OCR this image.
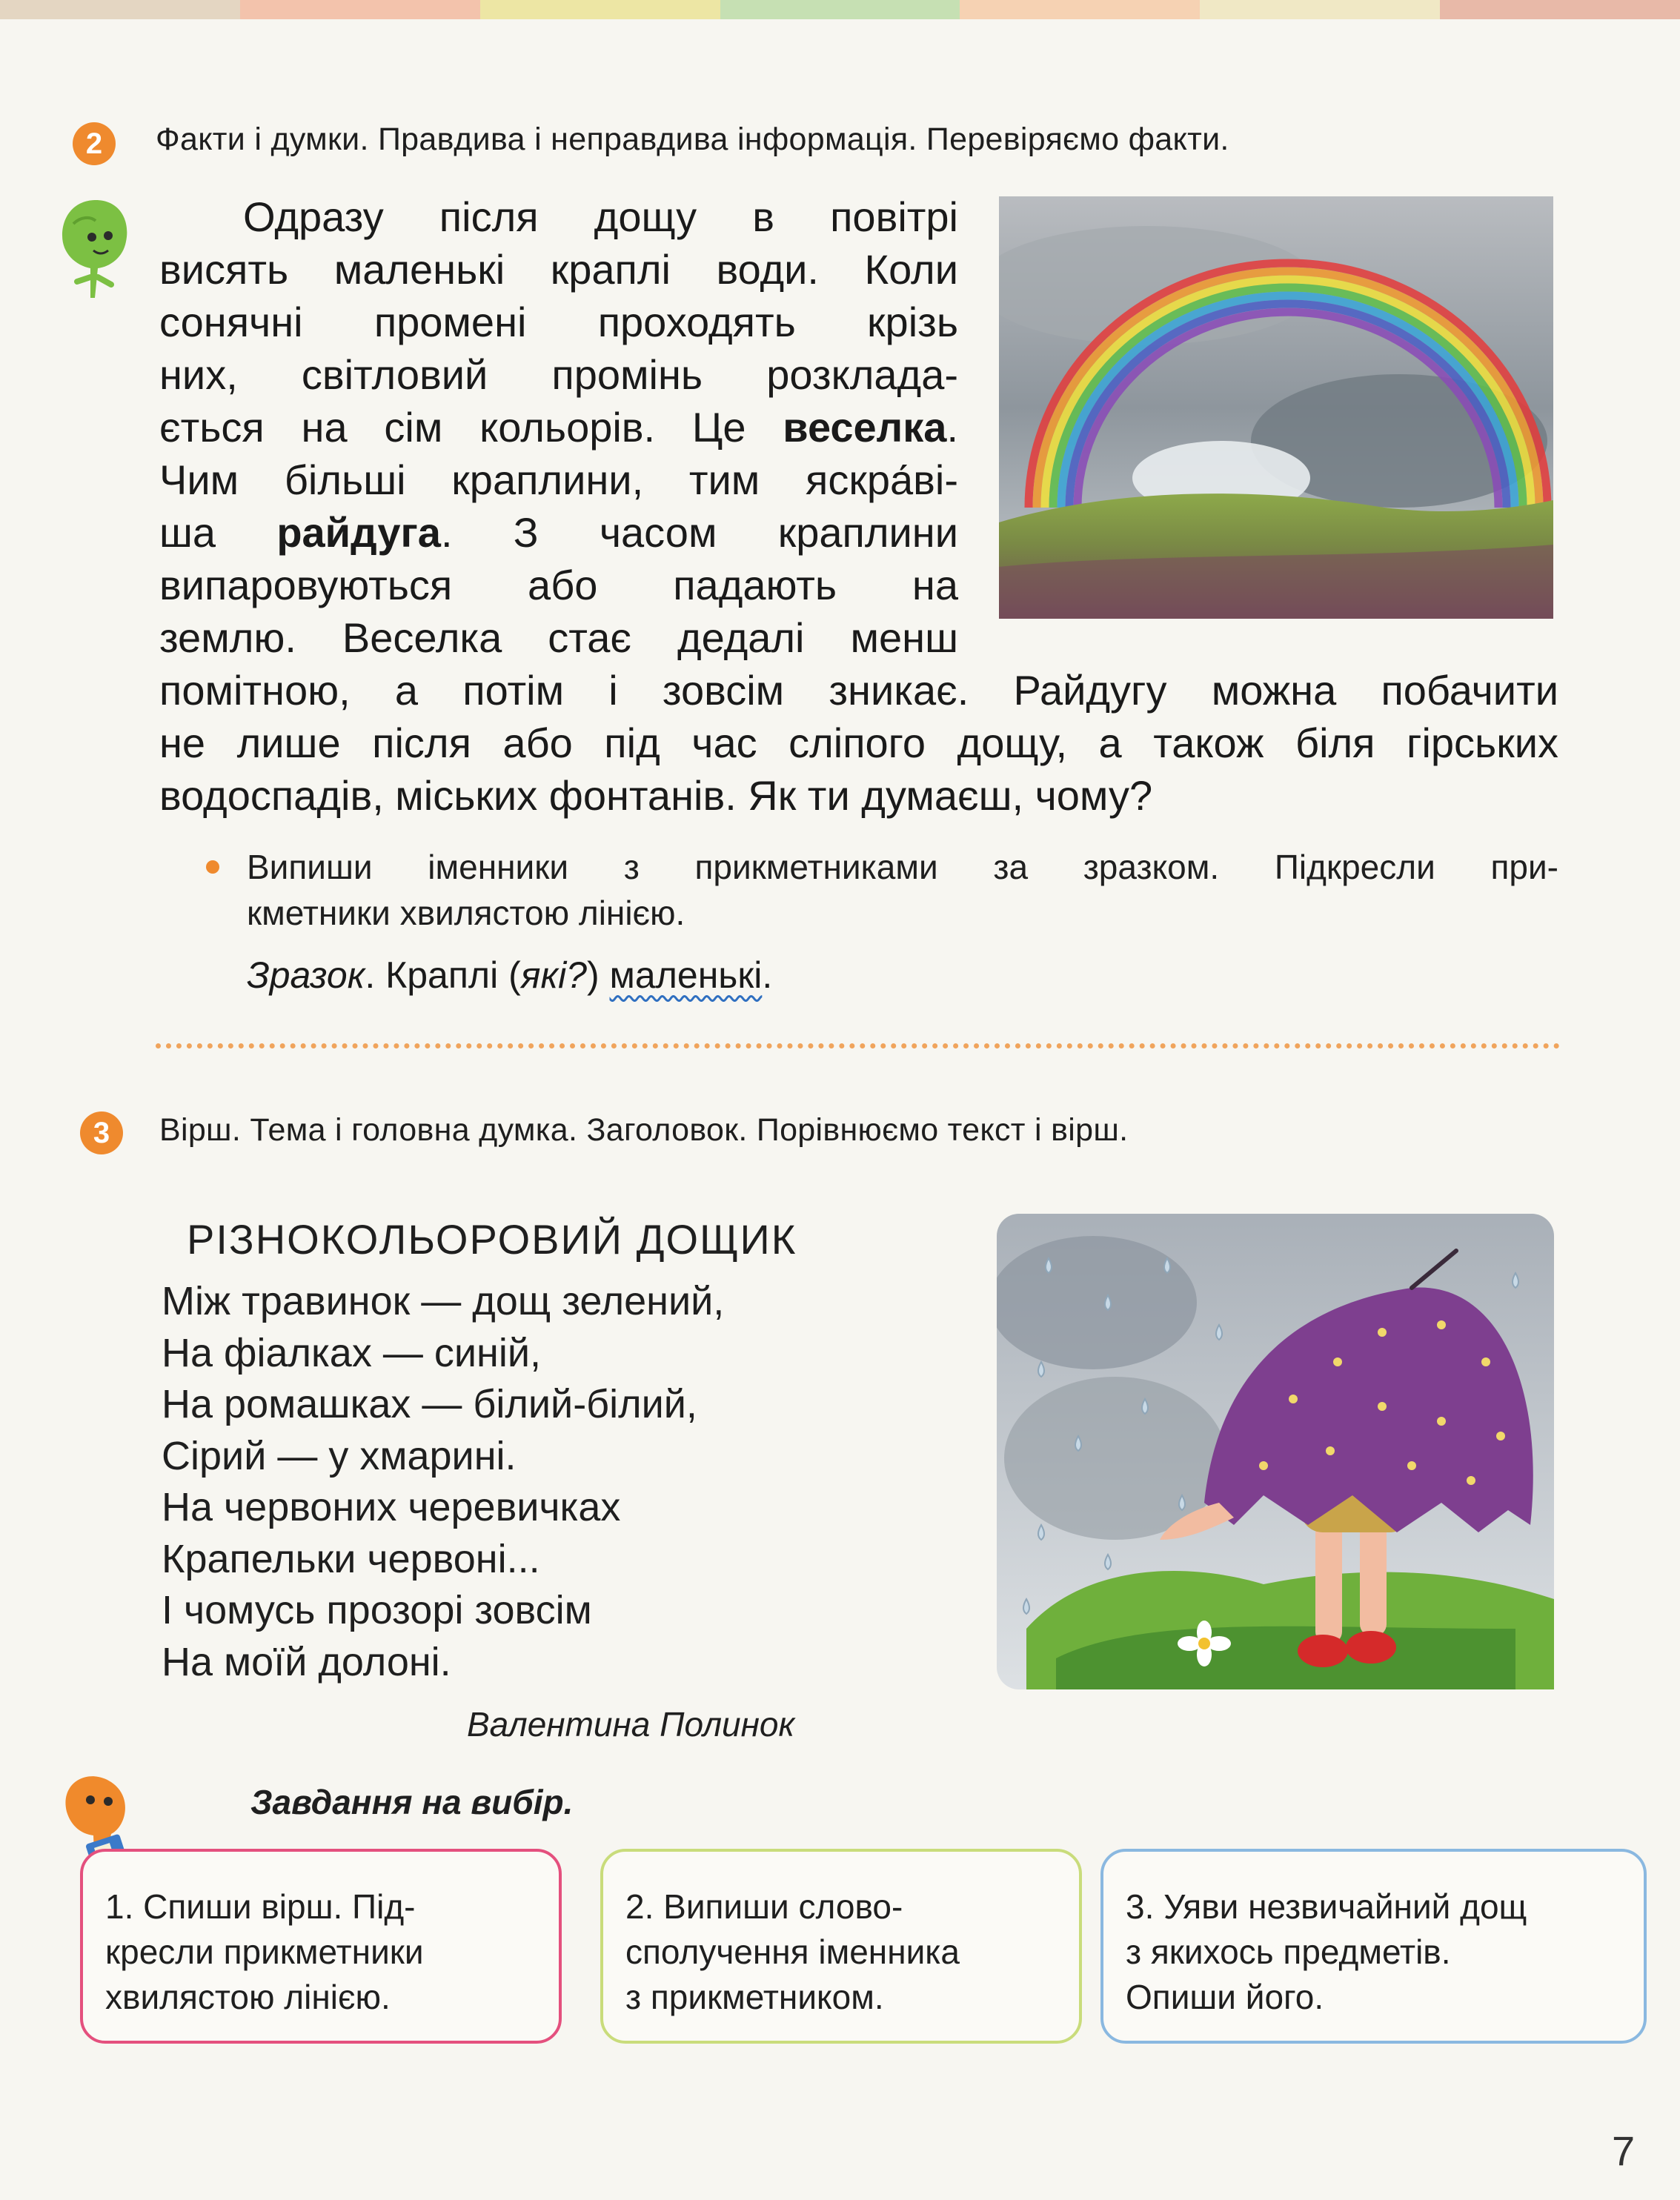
2	Факти і думки. Правдива і неправдива інформація. Перевіряємо факти.
Одразу після дощу в повітрі
висять маленькі краплі води. Коли
сонячні промені проходять крізь
них, світловий промінь розклада-
ється на сім кольорів. Це веселка.
Чим більші краплини, тим яскра́ві-
ша райдуга. З часом краплини
випаровуються або падають на
землю. Веселка стає дедалі менш
помітною, а потім і зовсім зникає. Райдугу можна побачити
не лише після або під час сліпого дощу, а також біля гірських
водоспадів, міських фонтанів. Як ти думаєш, чому?
Випиши іменники з прикметниками за зразком. Підкресли при-
кметники хвилястою лінією.
Зразок. Краплі (які?) маленькі.
3	Вірш. Тема і головна думка. Заголовок. Порівнюємо текст і вірш.
РІЗНОКОЛЬОРОВИЙ ДОЩИК
Між травинок — дощ зелений,
На фіалках — синій,
На ромашках — білий-білий,
Сірий — у хмарині.
На червоних черевичках
Крапельки червоні...
І чомусь прозорі зовсім
На моїй долоні.
Валентина Полинок
Завдання на вибір.
1. Спиши вірш. Під-
кресли прикметники
хвилястою лінією.
2. Випиши слово-
сполучення іменника
з прикметником.
3. Уяви незвичайний дощ
з якихось предметів.
Опиши його.
7
